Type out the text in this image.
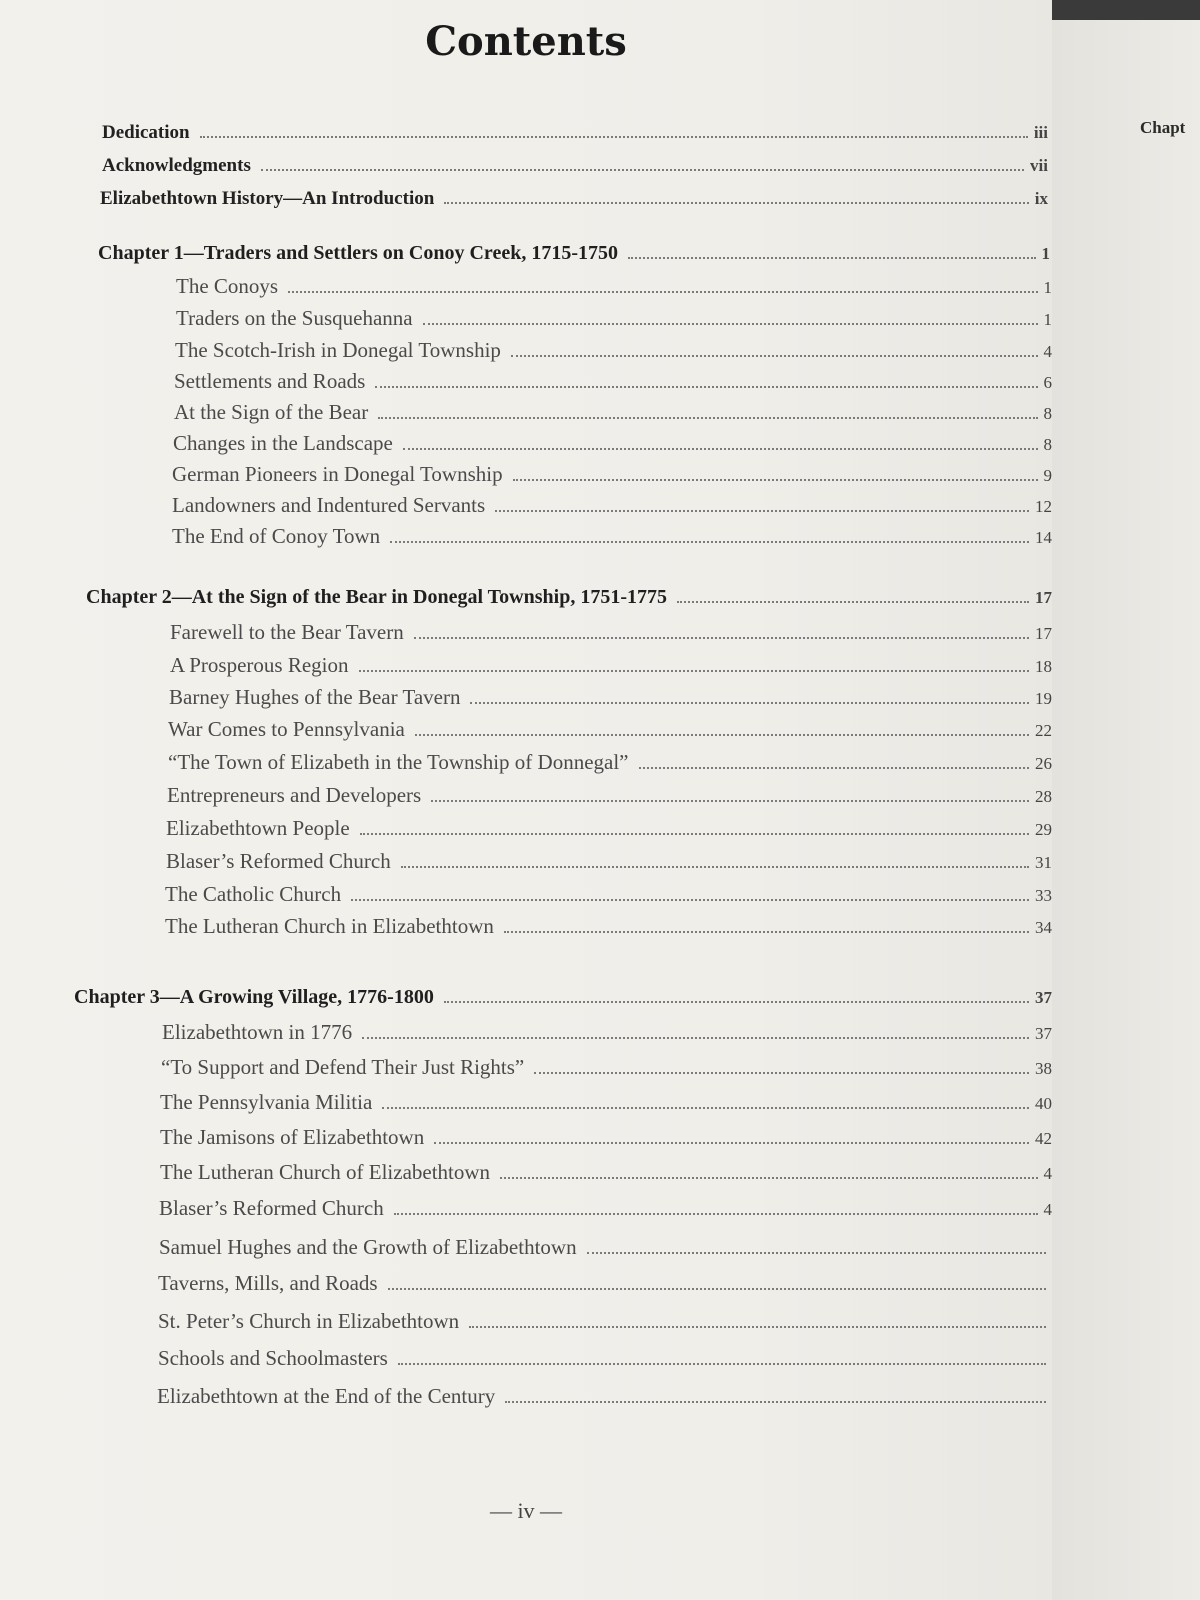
Contents
Dedication	iii
Acknowledgments	vii
Elizabethtown History—An Introduction	ix
Chapter 1—Traders and Settlers on Conoy Creek, 1715-1750	1
The Conoys	1
Traders on the Susquehanna	1
The Scotch-Irish in Donegal Township	4
Settlements and Roads	6
At the Sign of the Bear	8
Changes in the Landscape	8
German Pioneers in Donegal Township	9
Landowners and Indentured Servants	12
The End of Conoy Town	14
Chapter 2—At the Sign of the Bear in Donegal Township, 1751-1775	17
Farewell to the Bear Tavern	17
A Prosperous Region	18
Barney Hughes of the Bear Tavern	19
War Comes to Pennsylvania	22
“The Town of Elizabeth in the Township of Donnegal”	26
Entrepreneurs and Developers	28
Elizabethtown People	29
Blaser’s Reformed Church	31
The Catholic Church	33
The Lutheran Church in Elizabethtown	34
Chapter 3—A Growing Village, 1776-1800	37
Elizabethtown in 1776	37
“To Support and Defend Their Just Rights”	38
The Pennsylvania Militia	40
The Jamisons of Elizabethtown	42
The Lutheran Church of Elizabethtown	4
Blaser’s Reformed Church	4
Samuel Hughes and the Growth of Elizabethtown
Taverns, Mills, and Roads
St. Peter’s Church in Elizabethtown
Schools and Schoolmasters
Elizabethtown at the End of the Century
— iv —
Chapt
